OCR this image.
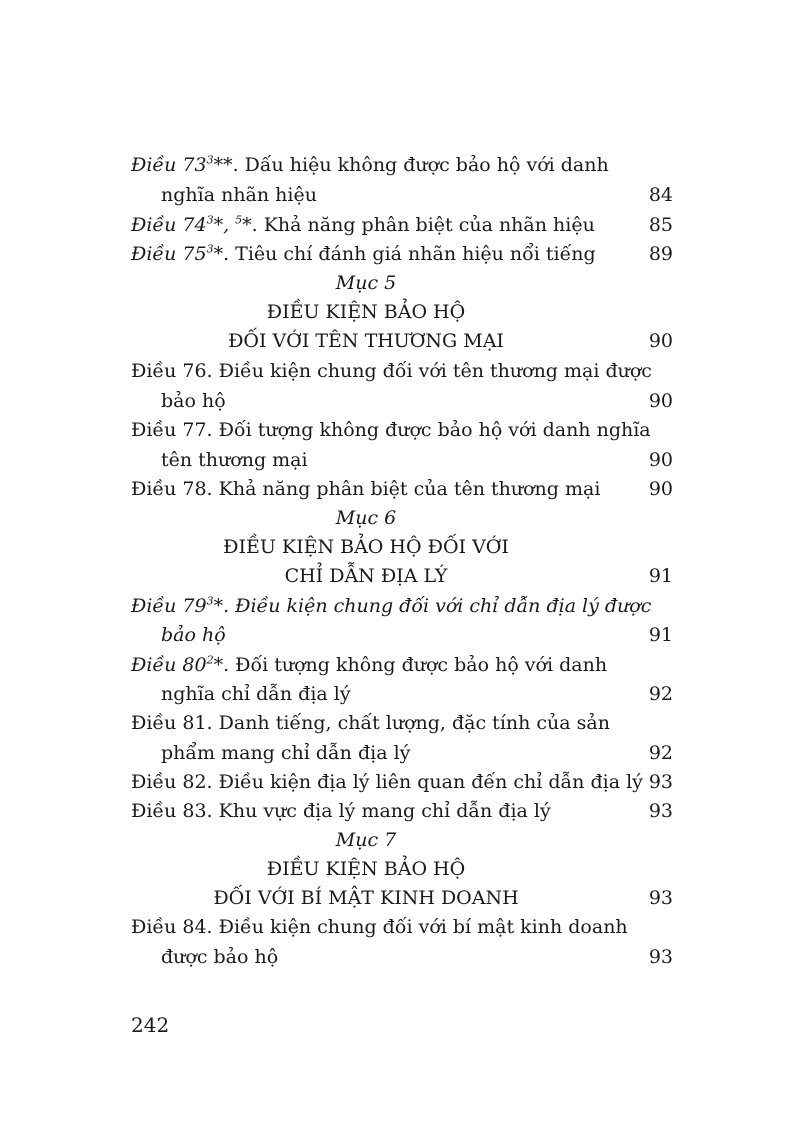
Điều $73^3**$. Dấu hiệu không được bảo hộ với danh
nghĩa nhãn hiệu	84
Điều $74^3*$, $^5$*. Khả năng phân biệt của nhãn hiệu	85
Điều $75^3*$. Tiêu chí đánh giá nhãn hiệu nổi tiếng	89
Mục 5
ĐIỀU KIỆN BẢO HỘ
ĐỐI VỚI TÊN THƯƠNG MẠI	90
Điều 76. Điều kiện chung đối với tên thương mại được
bảo hộ	90
Điều 77. Đối tượng không được bảo hộ với danh nghĩa
tên thương mại	90
Điều 78. Khả năng phân biệt của tên thương mại	90
Mục 6
ĐIỀU KIỆN BẢO HỘ ĐỐI VỚI
CHỈ DẪN ĐỊA LÝ	91
Điều $79^3*$. Điều kiện chung đối với chỉ dẫn địa lý được
bảo hộ	91
Điều $80^2*$. Đối tượng không được bảo hộ với danh
nghĩa chỉ dẫn địa lý	92
Điều 81. Danh tiếng, chất lượng, đặc tính của sản
phẩm mang chỉ dẫn địa lý	92
Điều 82. Điều kiện địa lý liên quan đến chỉ dẫn địa lý 93
Điều 83. Khu vực địa lý mang chỉ dẫn địa lý	93
Mục 7
ĐIỀU KIỆN BẢO HỘ
ĐỐI VỚI BÍ MẬT KINH DOANH	93
Điều 84. Điều kiện chung đối với bí mật kinh doanh
được bảo hộ	93
242
